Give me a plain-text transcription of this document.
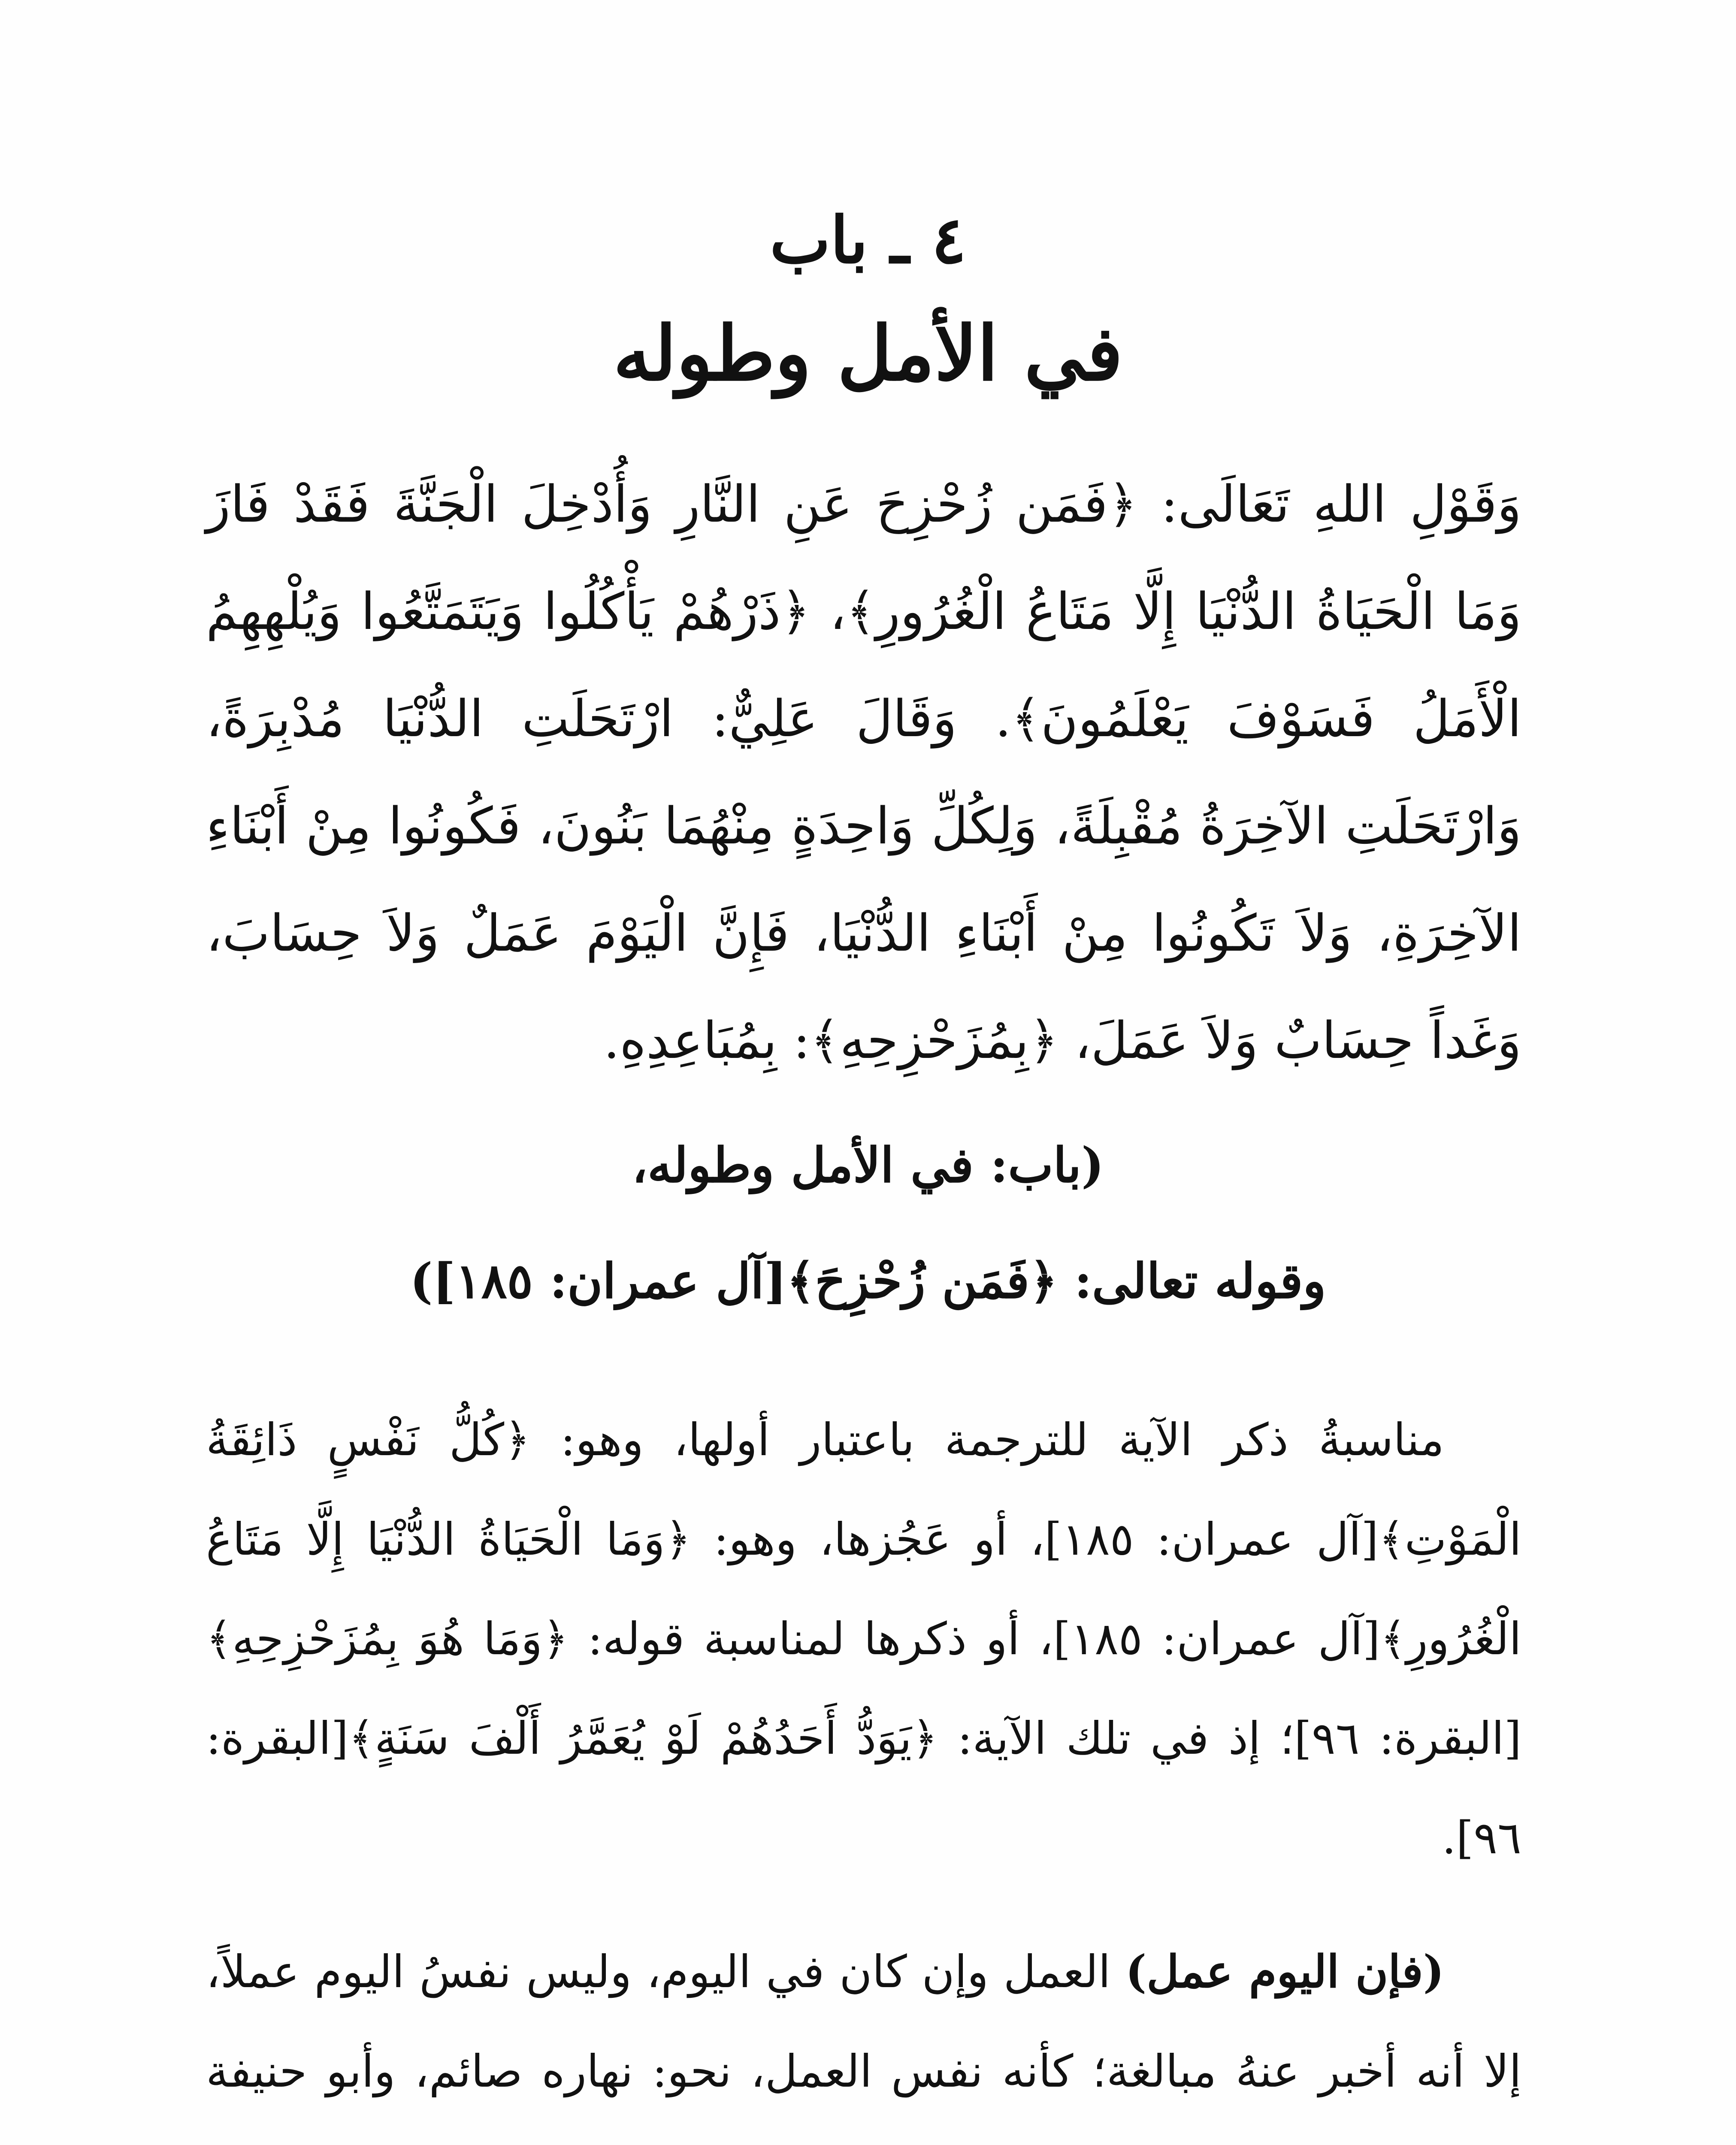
٤ ـ باب
في الأمل وطوله
وَقَوْلِ اللهِ تَعَالَى: ﴿فَمَن زُحْزِحَ عَنِ النَّارِ وَأُدْخِلَ الْجَنَّةَ فَقَدْ فَازَ وَمَا الْحَيَاةُ الدُّنْيَا إِلَّا مَتَاعُ الْغُرُورِ﴾، ﴿ذَرْهُمْ يَأْكُلُوا وَيَتَمَتَّعُوا وَيُلْهِهِمُ الْأَمَلُ فَسَوْفَ يَعْلَمُونَ﴾. وَقَالَ عَلِيٌّ: ارْتَحَلَتِ الدُّنْيَا مُدْبِرَةً، وَارْتَحَلَتِ الآخِرَةُ مُقْبِلَةً، وَلِكُلِّ وَاحِدَةٍ مِنْهُمَا بَنُونَ، فَكُونُوا مِنْ أَبْنَاءِ الآخِرَةِ، وَلاَ تَكُونُوا مِنْ أَبْنَاءِ الدُّنْيَا، فَإِنَّ الْيَوْمَ عَمَلٌ وَلاَ حِسَابَ، وَغَداً حِسَابٌ وَلاَ عَمَلَ، ﴿بِمُزَحْزِحِهِ﴾: بِمُبَاعِدِهِ.
(باب: في الأمل وطوله،
وقوله تعالى: ﴿فَمَن زُحْزِحَ﴾[آل عمران: ١٨٥])
مناسبةُ ذكر الآية للترجمة باعتبار أولها، وهو: ﴿كُلُّ نَفْسٍ ذَائِقَةُ الْمَوْتِ﴾[آل عمران: ١٨٥]، أو عَجُزها، وهو: ﴿وَمَا الْحَيَاةُ الدُّنْيَا إِلَّا مَتَاعُ الْغُرُورِ﴾[آل عمران: ١٨٥]، أو ذكرها لمناسبة قوله: ﴿وَمَا هُوَ بِمُزَحْزِحِهِ﴾[البقرة: ٩٦]؛ إذ في تلك الآية: ﴿يَوَدُّ أَحَدُهُمْ لَوْ يُعَمَّرُ أَلْفَ سَنَةٍ﴾[البقرة: ٩٦].
(فإن اليوم عمل) العمل وإن كان في اليوم، وليس نفسُ اليوم عملاً، إلا أنه أخبر عنهُ مبالغة؛ كأنه نفس العمل، نحو: نهاره صائم، وأبو حنيفة
